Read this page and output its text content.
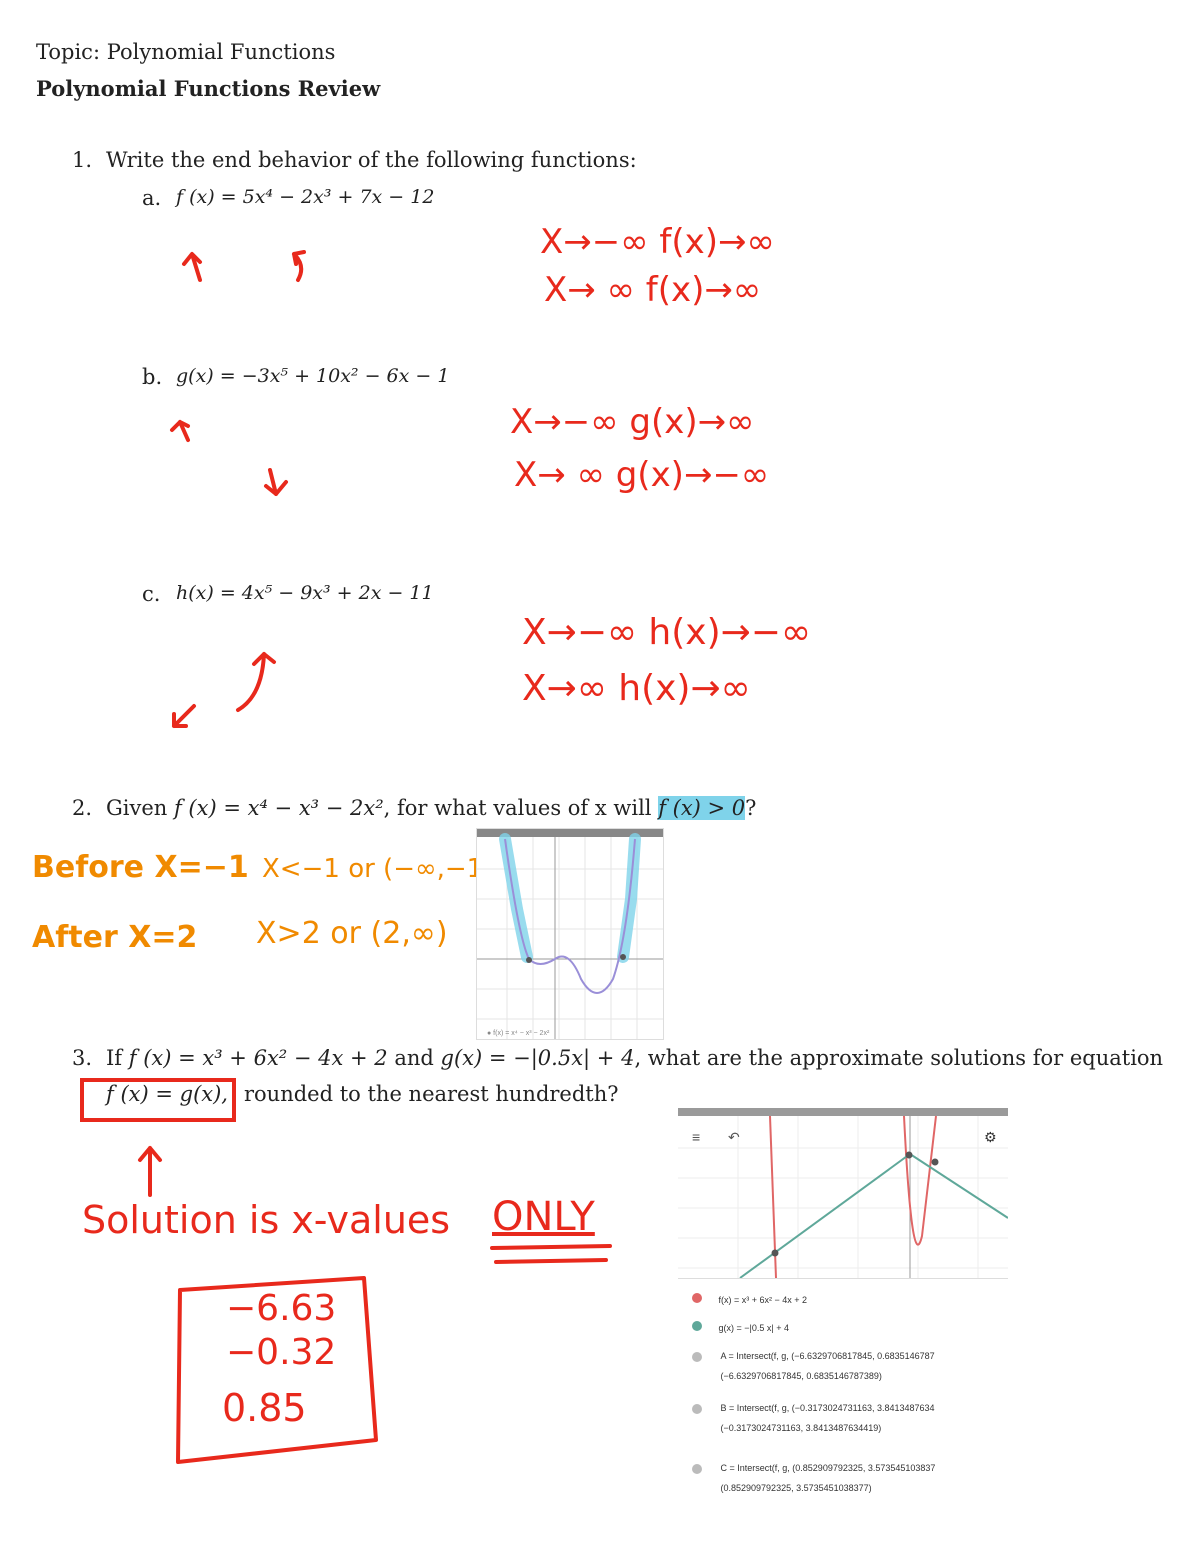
Topic: Polynomial Functions
Polynomial Functions Review
1. Write the end behavior of the following functions:
a. f (x) = 5x⁴ − 2x³ + 7x − 12
X→−∞ f(x)→∞
X→ ∞ f(x)→∞
b. g(x) = −3x⁵ + 10x² − 6x − 1
X→−∞ g(x)→∞
X→ ∞ g(x)→−∞
c. h(x) = 4x⁵ − 9x³ + 2x − 11
X→−∞ h(x)→−∞
X→∞ h(x)→∞
2. Given f (x) = x⁴ − x³ − 2x², for what values of x will f (x) > 0?
Before X=−1
After X=2
X<−1 or (−∞,−1)
X>2 or (2,∞)
● f(x) = x⁴ − x³ − 2x²
3. If f (x) = x³ + 6x² − 4x + 2 and g(x) = −|0.5x| + 4, what are the approximate solutions for equation
f (x) = g(x), rounded to the nearest hundredth?
Solution is x-values ONLY
−6.63
−0.32
0.85
≡ ↶	⚙
f(x) = x³ + 6x² − 4x + 2
g(x) = −|0.5 x| + 4

A = Intersect(f, g, (−6.6329706817845, 0.6835146787
(−6.6329706817845, 0.6835146787389)

B = Intersect(f, g, (−0.3173024731163, 3.8413487634
(−0.3173024731163, 3.8413487634419)

C = Intersect(f, g, (0.852909792325, 3.573545103837
(0.852909792325, 3.5735451038377)
